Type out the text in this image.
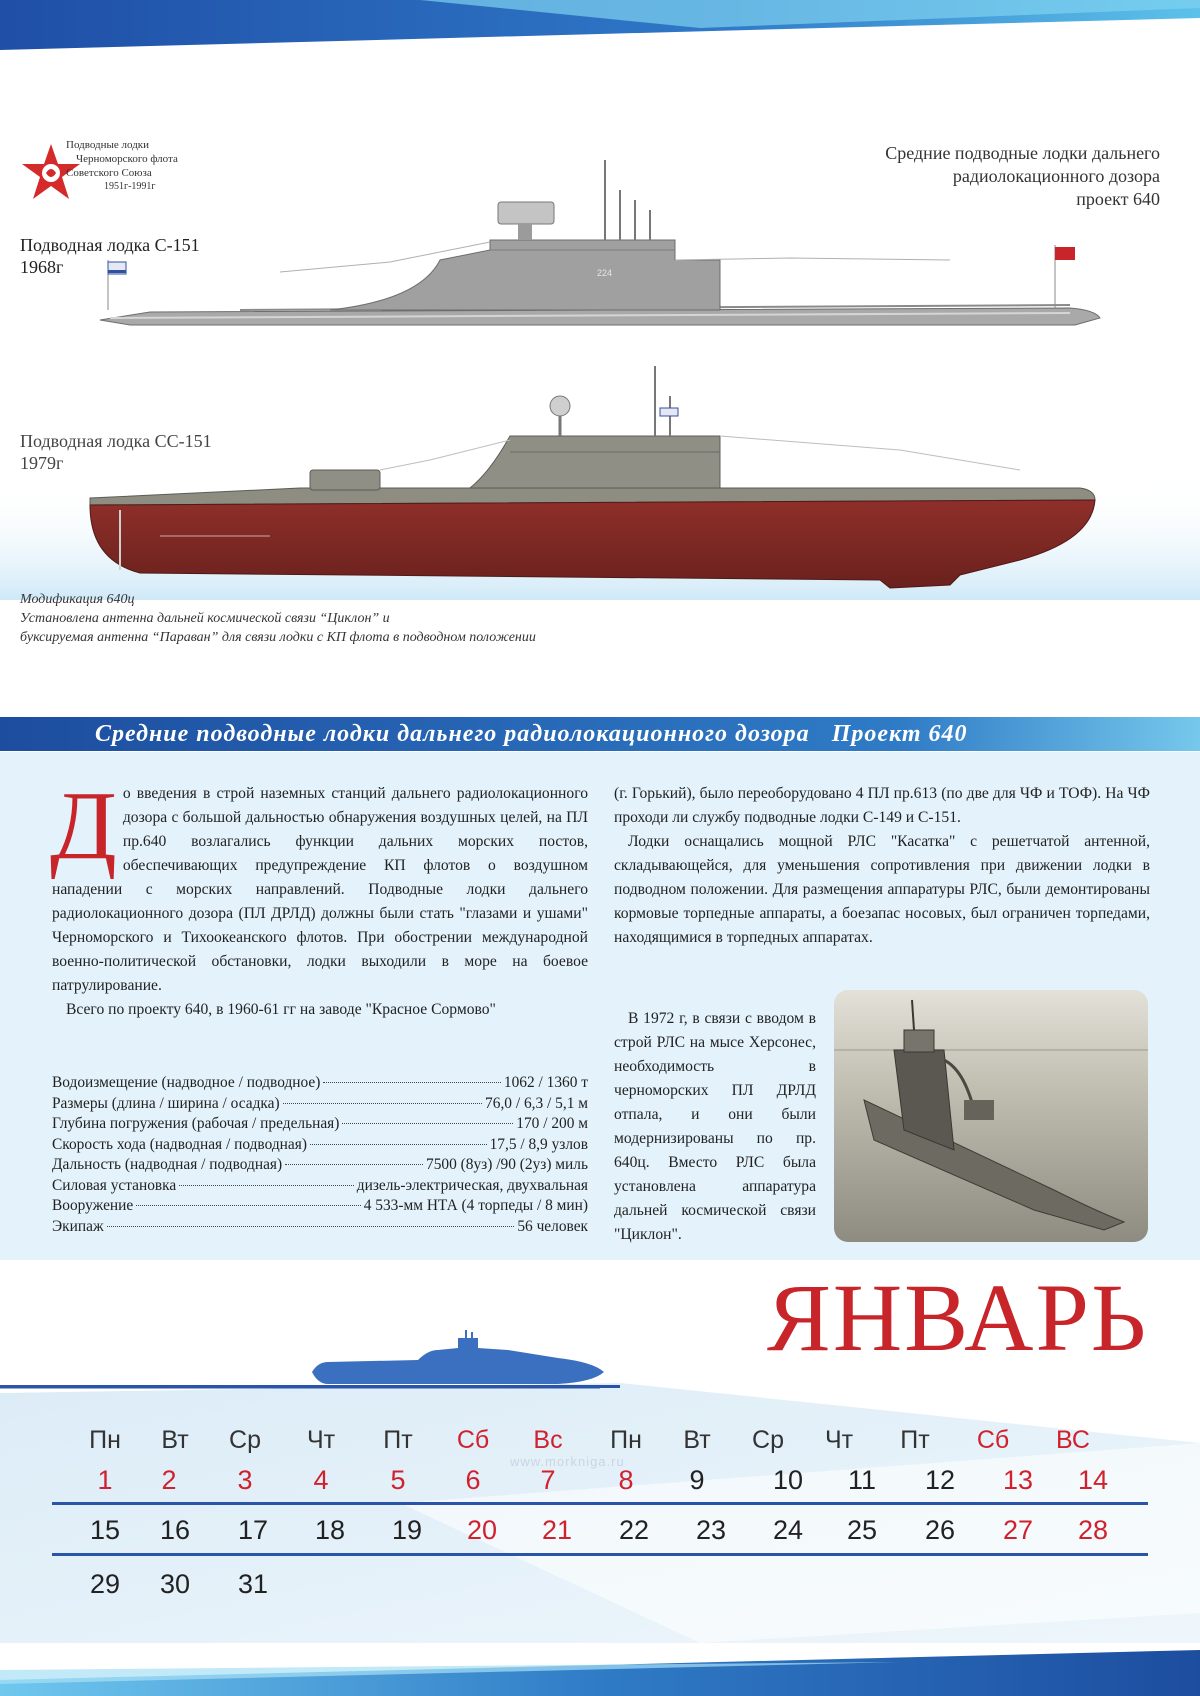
Подводные лодки
Черноморского флота
Советского Союза
1951г-1991г
Средние подводные лодки дальнего
радиолокационного дозора
проект 640
Подводная лодка С-151
1968г	224
Подводная лодка СС-151
1979г
Модификация 640ц
Установлена антенна дальней космической связи “Циклон” и
буксируемая антенна “Параван” для связи лодки с КП флота в подводном положении
Средние подводные лодки дальнего радиолокационного дозора Проект 640
Д о введения в строй наземных станций дальнего радиолокационного дозора с большой дальностью обнаружения воздушных целей, на ПЛ пр.640 возлагались функции дальних морских постов, обеспечивающих предупреждение КП флотов о воздушном нападении с морских направлений. Подводные лодки дальнего радиолокационного дозора (ПЛ ДРЛД) должны были стать "глазами и ушами" Черноморского и Тихоокеанского флотов. При обострении международной военно-политической обстановки, лодки выходили в море на боевое патрулирование.

Всего по проекту 640, в 1960-61 гг на заводе "Красное Сормово"

(г. Горький), было переоборудовано 4 ПЛ пр.613 (по две для ЧФ и ТОФ). На ЧФ проходи ли службу подводные лодки С-149 и С-151.

Лодки оснащались мощной РЛС "Касатка" с решетчатой антенной, складывающейся, для уменьшения сопротивления при движении лодки в подводном положении. Для размещения аппаратуры РЛС, были демонтированы кормовые торпедные аппараты, а боезапас носовых, был ограничен торпедами, находящимися в торпедных аппаратах.

В 1972 г, в связи с вводом в строй РЛС на мысе Херсонес, необходимость в черноморских ПЛ ДРЛД отпала, и они были модернизированы по пр. 640ц. Вместо РЛС была установлена аппаратура дальней космической связи "Циклон".

Водоизмещение (надводное / подводное)	1062 / 1360 т
Размеры (длина / ширина / осадка)	76,0 / 6,3 / 5,1 м
Глубина погружения (рабочая / предельная)	170 / 200 м
Скорость хода (надводная / подводная)	17,5 / 8,9 узлов
Дальность (надводная / подводная)	7500 (8уз) /90 (2уз) миль
Силовая установка	дизель-электрическая, двухвальная
Вооружение	4 533-мм НТА (4 торпеды / 8 мин)
Экипаж	56 человек
ЯНВАРЬ
Пн	Вт	Ср	Чт	Пт	Сб	Вс	Пн	Вт	Ср	Чт	Пт	Сб	ВС
1	2	3	4	5	6	7	8	9	10	11	12	13	14
15	16	17	18	19	20	21	22	23	24	25	26	27	28
29	30	31
www.morkniga.ru
